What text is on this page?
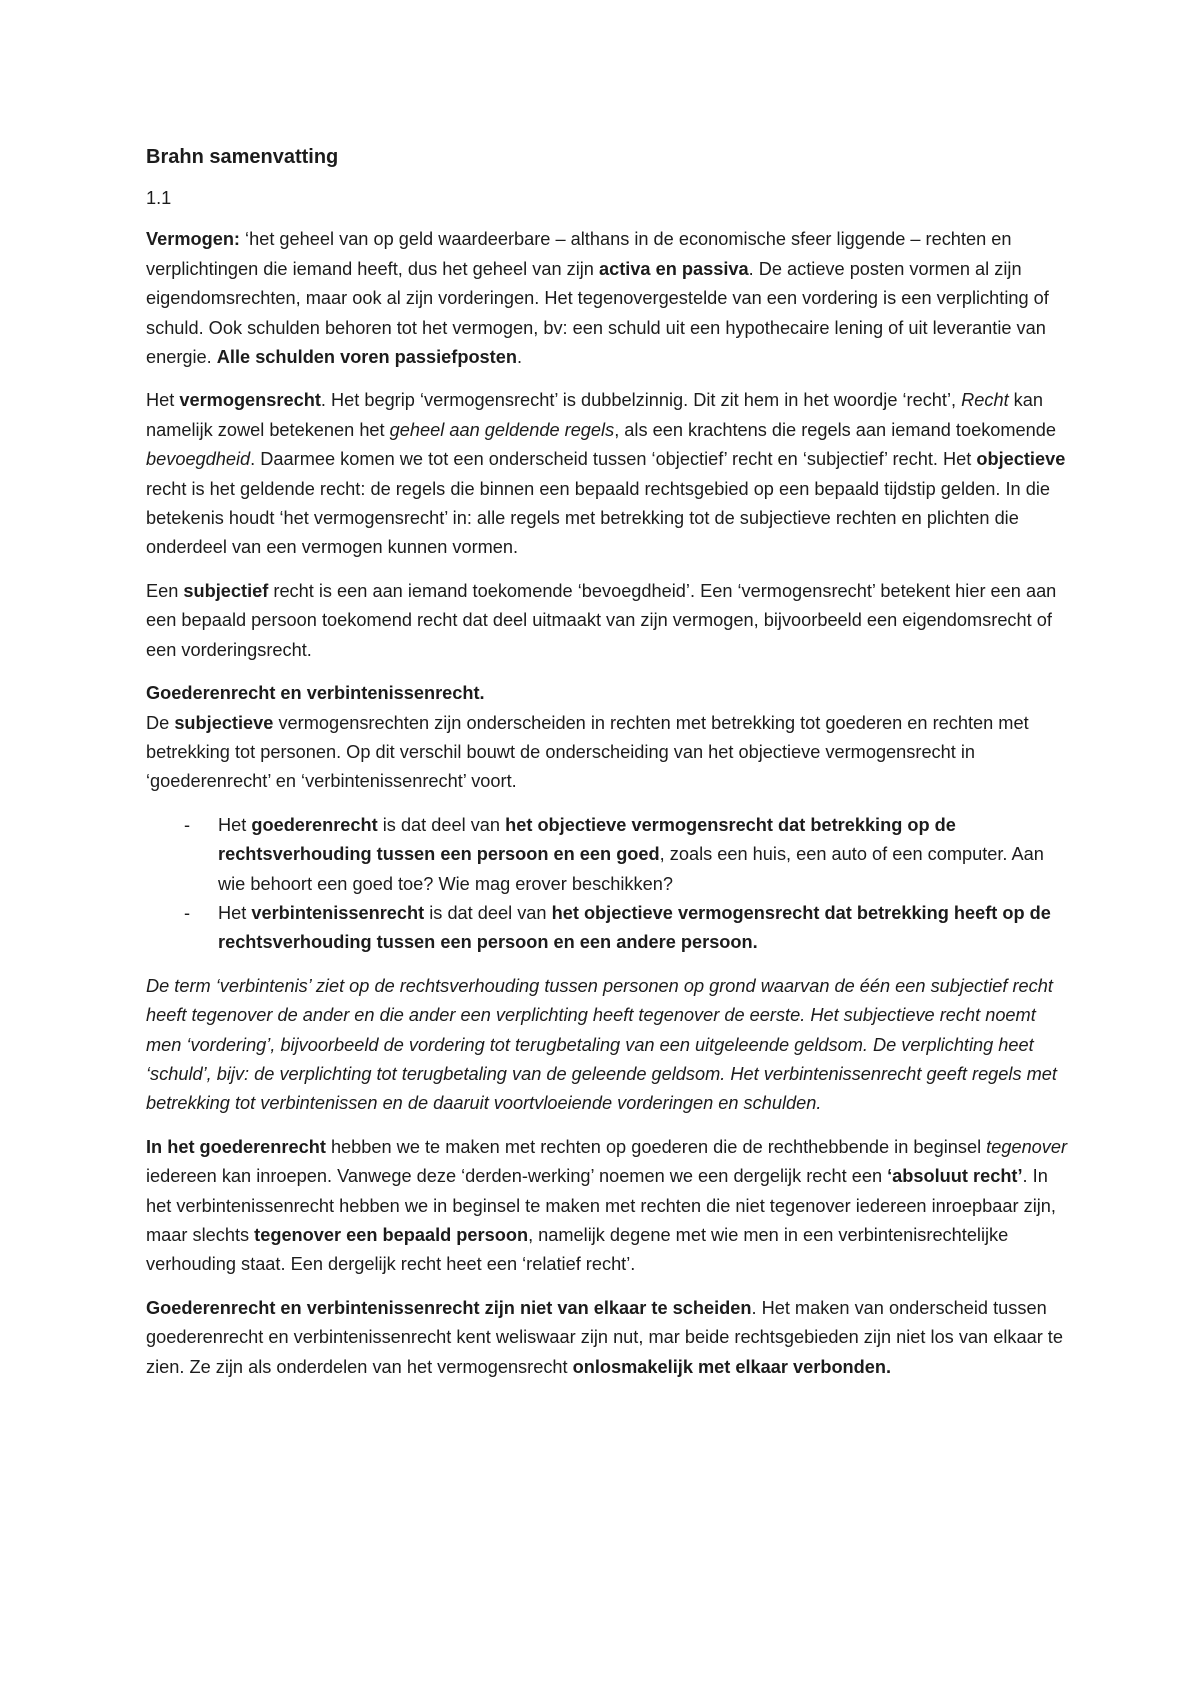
Brahn samenvatting
1.1

Vermogen: ‘het geheel van op geld waardeerbare – althans in de economische sfeer liggende – rechten en verplichtingen die iemand heeft, dus het geheel van zijn activa en passiva. De actieve posten vormen al zijn eigendomsrechten, maar ook al zijn vorderingen. Het tegenovergestelde van een vordering is een verplichting of schuld. Ook schulden behoren tot het vermogen, bv: een schuld uit een hypothecaire lening of uit leverantie van energie. Alle schulden voren passiefposten.

Het vermogensrecht. Het begrip ‘vermogensrecht’ is dubbelzinnig. Dit zit hem in het woordje ‘recht’, Recht kan namelijk zowel betekenen het geheel aan geldende regels, als een krachtens die regels aan iemand toekomende bevoegdheid. Daarmee komen we tot een onderscheid tussen ‘objectief’ recht en ‘subjectief’ recht. Het objectieve recht is het geldende recht: de regels die binnen een bepaald rechtsgebied op een bepaald tijdstip gelden. In die betekenis houdt ‘het vermogensrecht’ in: alle regels met betrekking tot de subjectieve rechten en plichten die onderdeel van een vermogen kunnen vormen.

Een subjectief recht is een aan iemand toekomende ‘bevoegdheid’. Een ‘vermogensrecht’ betekent hier een aan een bepaald persoon toekomend recht dat deel uitmaakt van zijn vermogen, bijvoorbeeld een eigendomsrecht of een vorderingsrecht.

Goederenrecht en verbintenissenrecht.
De subjectieve vermogensrechten zijn onderscheiden in rechten met betrekking tot goederen en rechten met betrekking tot personen. Op dit verschil bouwt de onderscheiding van het objectieve vermogensrecht in ‘goederenrecht’ en ‘verbintenissenrecht’ voort.

- Het goederenrecht is dat deel van het objectieve vermogensrecht dat betrekking op de rechtsverhouding tussen een persoon en een goed, zoals een huis, een auto of een computer. Aan wie behoort een goed toe? Wie mag erover beschikken?
- Het verbintenissenrecht is dat deel van het objectieve vermogensrecht dat betrekking heeft op de rechtsverhouding tussen een persoon en een andere persoon.

De term ‘verbintenis’ ziet op de rechtsverhouding tussen personen op grond waarvan de één een subjectief recht heeft tegenover de ander en die ander een verplichting heeft tegenover de eerste. Het subjectieve recht noemt men ‘vordering’, bijvoorbeeld de vordering tot terugbetaling van een uitgeleende geldsom. De verplichting heet ‘schuld’, bijv: de verplichting tot terugbetaling van de geleende geldsom. Het verbintenissenrecht geeft regels met betrekking tot verbintenissen en de daaruit voortvloeiende vorderingen en schulden.

In het goederenrecht hebben we te maken met rechten op goederen die de rechthebbende in beginsel tegenover iedereen kan inroepen. Vanwege deze ‘derden-werking’ noemen we een dergelijk recht een ‘absoluut recht’. In het verbintenissenrecht hebben we in beginsel te maken met rechten die niet tegenover iedereen inroepbaar zijn, maar slechts tegenover een bepaald persoon, namelijk degene met wie men in een verbintenisrechtelijke verhouding staat. Een dergelijk recht heet een ‘relatief recht’.

Goederenrecht en verbintenissenrecht zijn niet van elkaar te scheiden. Het maken van onderscheid tussen goederenrecht en verbintenissenrecht kent weliswaar zijn nut, mar beide rechtsgebieden zijn niet los van elkaar te zien. Ze zijn als onderdelen van het vermogensrecht onlosmakelijk met elkaar verbonden.
